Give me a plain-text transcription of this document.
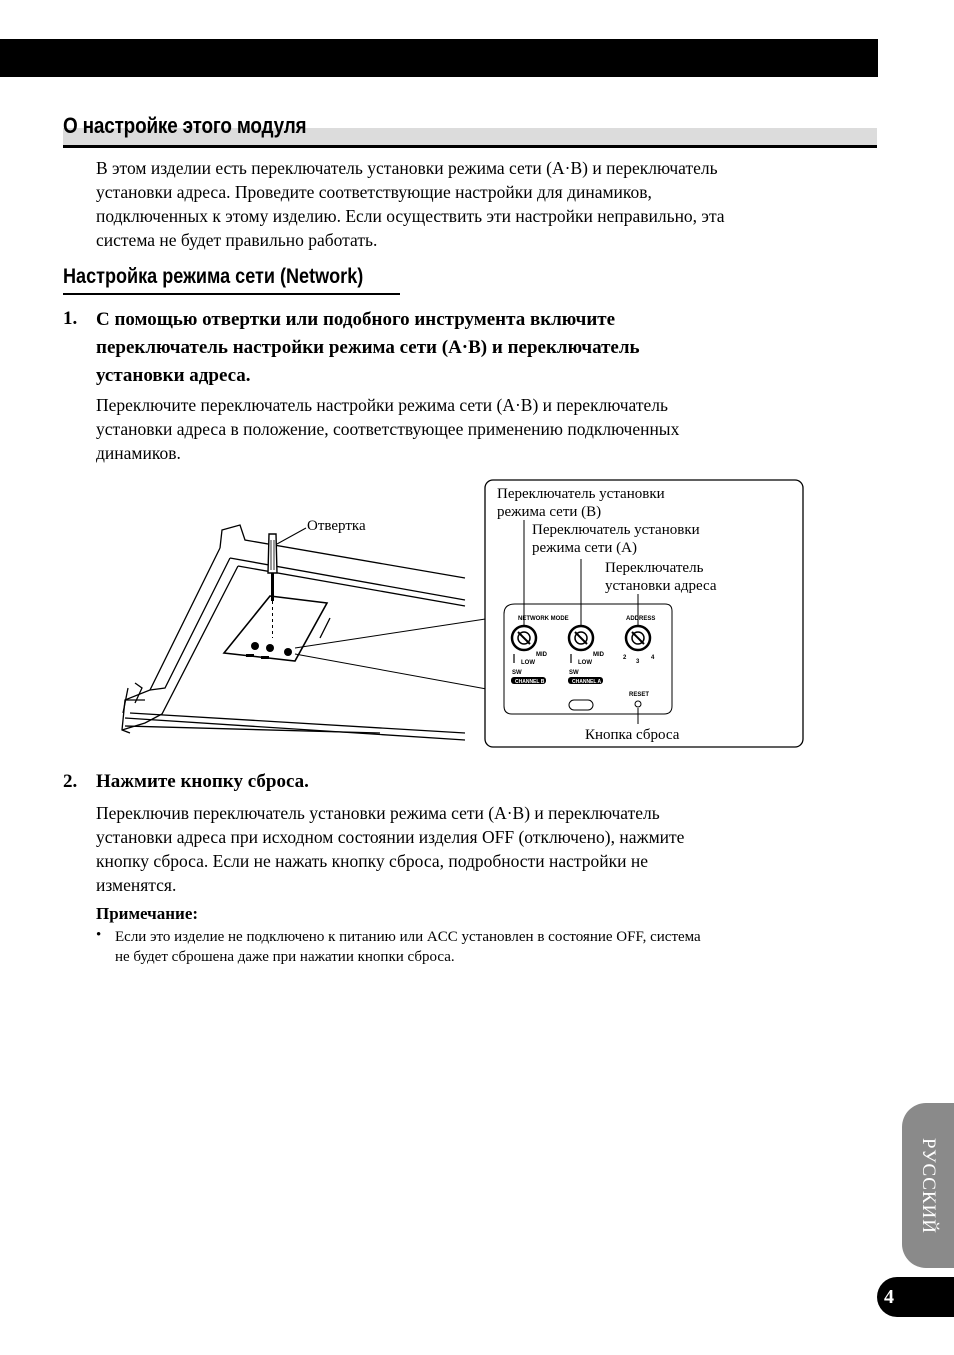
О настройке этого модуля
В этом изделии есть переключатель установки режима сети (A·B) и переключатель
установки адреса. Проведите соответствующие настройки для динамиков,
подключенных к этому изделию. Если осуществить эти настройки неправильно, эта
система не будет правильно работать.
Настройка режима сети (Network)
1. С помощью отвертки или подобного инструмента включите
переключатель настройки режима сети (A·B) и переключатель
установки адреса.
Переключите переключатель настройки режима сети (A·B) и переключатель
установки адреса в положение, соответствующее применению подключенных
динамиков.
Отвертка
Переключатель установки
режима сети (B)
Переключатель установки
режима сети (A)
Переключатель
установки адреса
NETWORK MODE	ADDRESS
MID
LOW
SW
CHANNEL B
MID
LOW
SW
CHANNEL A
2
3
4
RESET
Кнопка сброса
2. Нажмите кнопку сброса.
Переключив переключатель установки режима сети (A·B) и переключатель
установки адреса при исходном состоянии изделия OFF (отключено), нажмите
кнопку сброса. Если не нажать кнопку сброса, подробности настройки не
изменятся.
Примечание:
• Если это изделие не подключено к питанию или ACC установлен в состояние OFF, система
не будет сброшена даже при нажатии кнопки сброса.
РУССКИЙ
4
